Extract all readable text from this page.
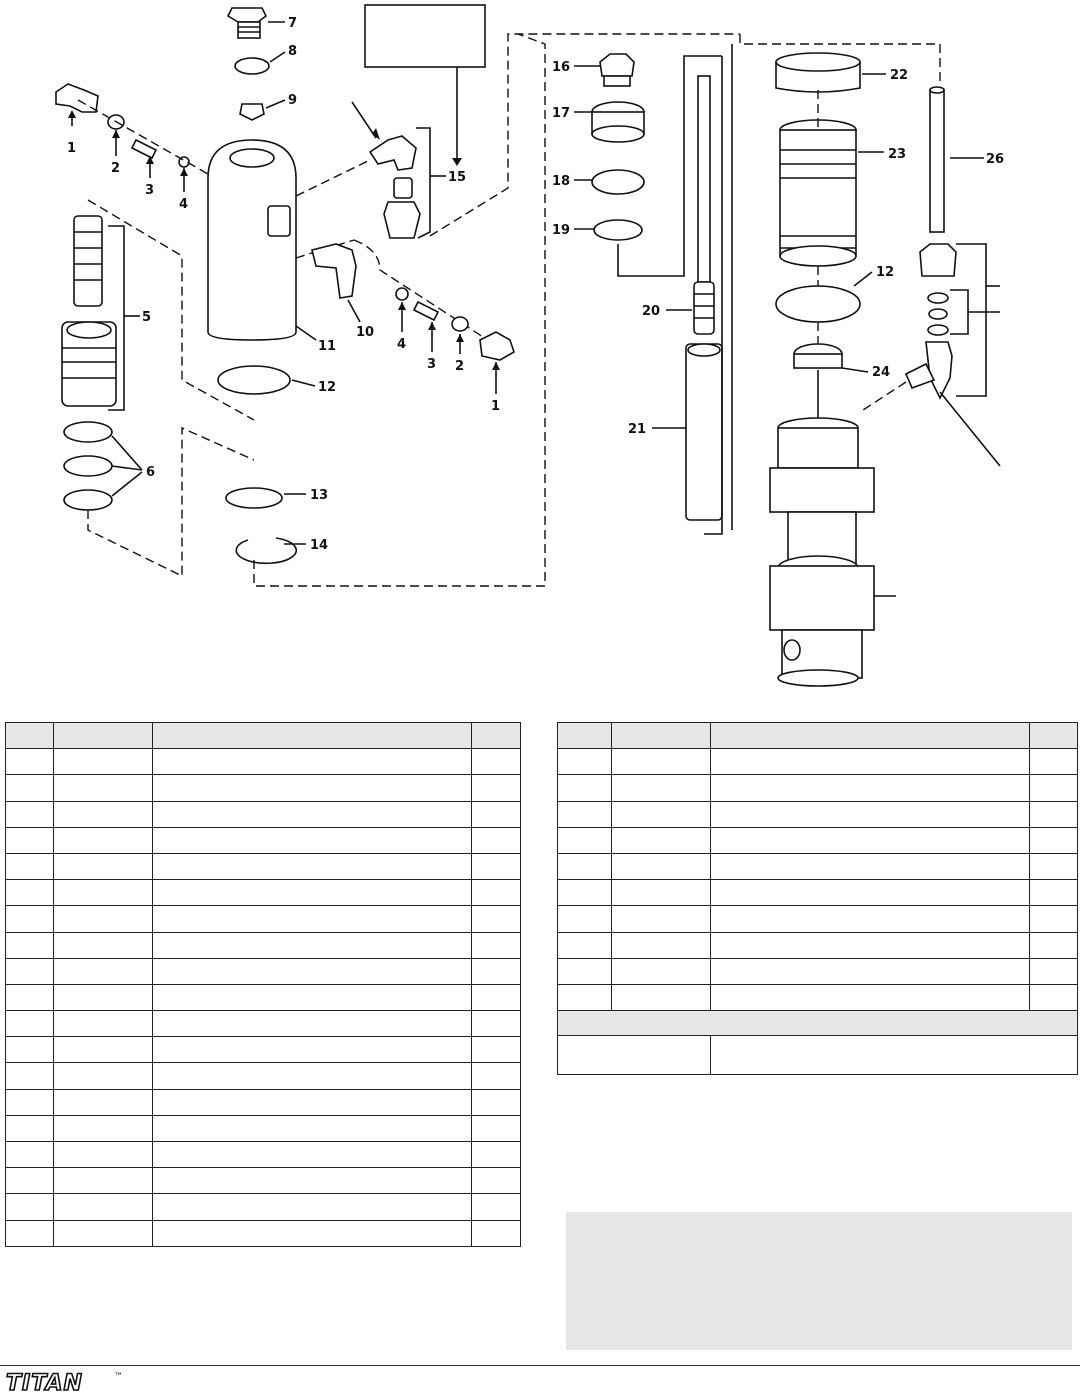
7
8
9
1
2
3
4
15
5
10
11	4
3 2
1
12
6
13
14
16
17
18
19
20
21
22
23
12
24
26

TITAN	™
